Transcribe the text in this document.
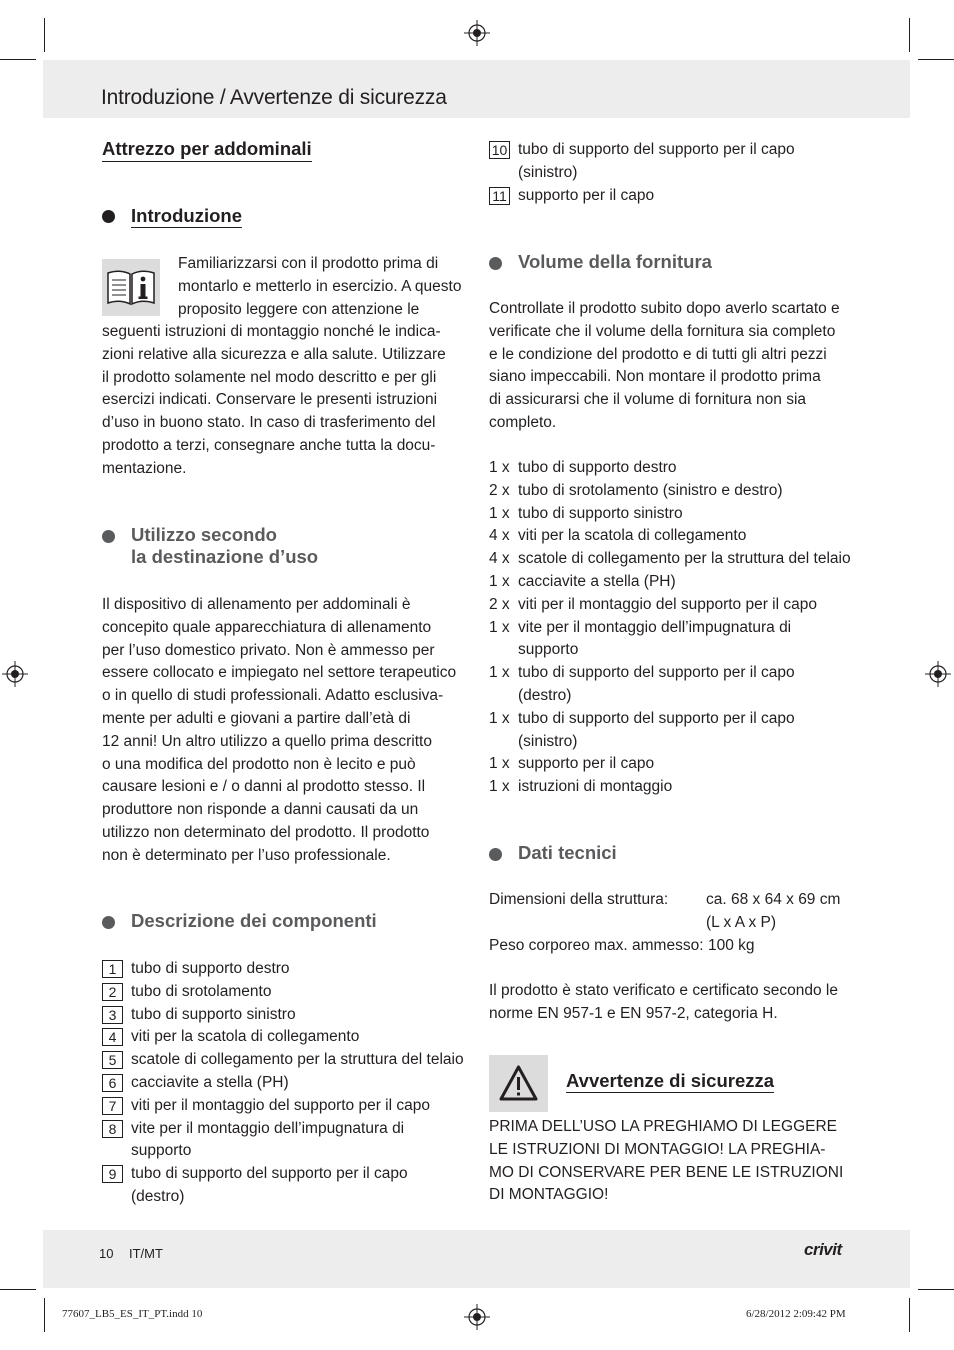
Introduzione / Avvertenze di sicurezza
Attrezzo per addominali
Introduzione
Familiarizzarsi con il prodotto prima di
montarlo e metterlo in esercizio. A questo
proposito leggere con attenzione le
seguenti istruzioni di montaggio nonché le indica-
zioni relative alla sicurezza e alla salute. Utilizzare
il prodotto solamente nel modo descritto e per gli
esercizi indicati. Conservare le presenti istruzioni
d’uso in buono stato. In caso di trasferimento del
prodotto a terzi, consegnare anche tutta la docu-
mentazione.
Utilizzo secondo
la destinazione d’uso
Il dispositivo di allenamento per addominali è
concepito quale apparecchiatura di allenamento
per l’uso domestico privato. Non è ammesso per
essere collocato e impiegato nel settore terapeutico
o in quello di studi professionali. Adatto esclusiva-
mente per adulti e giovani a partire dall’età di
12 anni! Un altro utilizzo a quello prima descritto
o una modifica del prodotto non è lecito e può
causare lesioni e / o danni al prodotto stesso. Il
produttore non risponde a danni causati da un
utilizzo non determinato del prodotto. Il prodotto
non è determinato per l’uso professionale.
Descrizione dei componenti
1 tubo di supporto destro
2 tubo di srotolamento
3 tubo di supporto sinistro
4 viti per la scatola di collegamento
5 scatole di collegamento per la struttura del telaio
6 cacciavite a stella (PH)
7 viti per il montaggio del supporto per il capo
8 vite per il montaggio dell’impugnatura di
supporto
9 tubo di supporto del supporto per il capo
(destro)
10 tubo di supporto del supporto per il capo
(sinistro)
11 supporto per il capo
Volume della fornitura
Controllate il prodotto subito dopo averlo scartato e
verificate che il volume della fornitura sia completo
e le condizione del prodotto e di tutti gli altri pezzi
siano impeccabili. Non montare il prodotto prima
di assicurarsi che il volume di fornitura non sia
completo.
1 x tubo di supporto destro
2 x tubo di srotolamento (sinistro e destro)
1 x tubo di supporto sinistro
4 x viti per la scatola di collegamento
4 x scatole di collegamento per la struttura del telaio
1 x cacciavite a stella (PH)
2 x viti per il montaggio del supporto per il capo
1 x vite per il montaggio dell’impugnatura di
supporto
1 x tubo di supporto del supporto per il capo
(destro)
1 x tubo di supporto del supporto per il capo
(sinistro)
1 x supporto per il capo
1 x istruzioni di montaggio
Dati tecnici
Dimensioni della struttura: ca. 68 x 64 x 69 cm
(L x A x P)
Peso corporeo max. ammesso: 100 kg
Il prodotto è stato verificato e certificato secondo le
norme EN 957-1 e EN 957-2, categoria H.
Avvertenze di sicurezza
PRIMA DELL’USO LA PREGHIAMO DI LEGGERE
LE ISTRUZIONI DI MONTAGGIO! LA PREGHIA-
MO DI CONSERVARE PER BENE LE ISTRUZIONI
DI MONTAGGIO!
10 IT/MT	crivit
77607_LB5_ES_IT_PT.indd 10	6/28/2012 2:09:42 PM
